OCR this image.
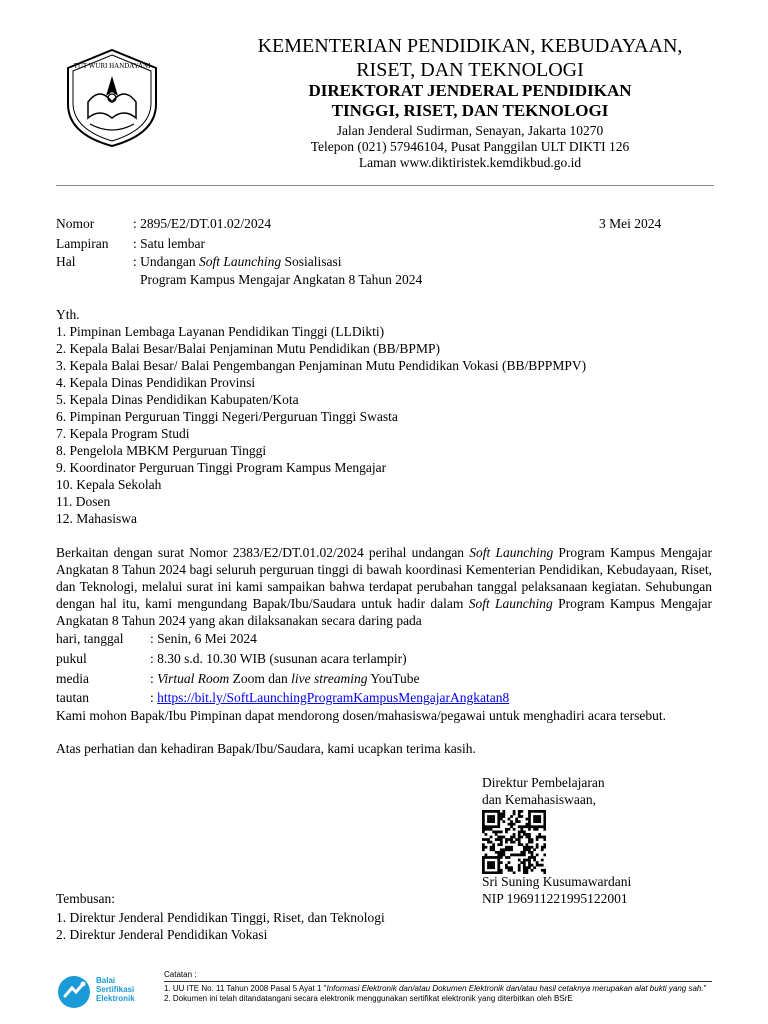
TUT WURI HANDAYANI
KEMENTERIAN PENDIDIKAN, KEBUDAYAAN,
RISET, DAN TEKNOLOGI
DIREKTORAT JENDERAL PENDIDIKAN
TINGGI, RISET, DAN TEKNOLOGI
Jalan Jenderal Sudirman, Senayan, Jakarta 10270
Telepon (021) 57946104, Pusat Panggilan ULT DIKTI 126
Laman www.diktiristek.kemdikbud.go.id
Nomor	: 2895/E2/DT.01.02/2024	3 Mei 2024
Lampiran : Satu lembar
Hal	: Undangan Soft Launching Sosialisasi
Program Kampus Mengajar Angkatan 8 Tahun 2024
Yth.
1. Pimpinan Lembaga Layanan Pendidikan Tinggi (LLDikti)
2. Kepala Balai Besar/Balai Penjaminan Mutu Pendidikan (BB/BPMP)
3. Kepala Balai Besar/ Balai Pengembangan Penjaminan Mutu Pendidikan Vokasi (BB/BPPMPV)
4. Kepala Dinas Pendidikan Provinsi
5. Kepala Dinas Pendidikan Kabupaten/Kota
6. Pimpinan Perguruan Tinggi Negeri/Perguruan Tinggi Swasta
7. Kepala Program Studi
8. Pengelola MBKM Perguruan Tinggi
9. Koordinator Perguruan Tinggi Program Kampus Mengajar
10. Kepala Sekolah
11. Dosen
12. Mahasiswa
Berkaitan dengan surat Nomor 2383/E2/DT.01.02/2024 perihal undangan Soft Launching Program Kampus Mengajar Angkatan 8 Tahun 2024 bagi seluruh perguruan tinggi di bawah koordinasi Kementerian Pendidikan, Kebudayaan, Riset, dan Teknologi, melalui surat ini kami sampaikan bahwa terdapat perubahan tanggal pelaksanaan kegiatan. Sehubungan dengan hal itu, kami mengundang Bapak/Ibu/Saudara untuk hadir dalam Soft Launching Program Kampus Mengajar Angkatan 8 Tahun 2024 yang akan dilaksanakan secara daring pada
hari, tanggal : Senin, 6 Mei 2024
pukul	: 8.30 s.d. 10.30 WIB (susunan acara terlampir)
media	: Virtual Room Zoom dan live streaming YouTube
tautan	: https://bit.ly/SoftLaunchingProgramKampusMengajarAngkatan8
Kami mohon Bapak/Ibu Pimpinan dapat mendorong dosen/mahasiswa/pegawai untuk menghadiri acara tersebut.
Atas perhatian dan kehadiran Bapak/Ibu/Saudara, kami ucapkan terima kasih.
Direktur Pembelajaran
dan Kemahasiswaan,
Sri Suning Kusumawardani
NIP 196911221995122001
Tembusan:
1. Direktur Jenderal Pendidikan Tinggi, Riset, dan Teknologi
2. Direktur Jenderal Pendidikan Vokasi
Balai
Sertifikasi
Elektronik
Catatan :
1. UU ITE No. 11 Tahun 2008 Pasal 5 Ayat 1 "Informasi Elektronik dan/atau Dokumen Elektronik dan/atau hasil cetaknya merupakan alat bukti yang sah."
2. Dokumen ini telah ditandatangani secara elektronik menggunakan sertifikat elektronik yang diterbitkan oleh BSrE
